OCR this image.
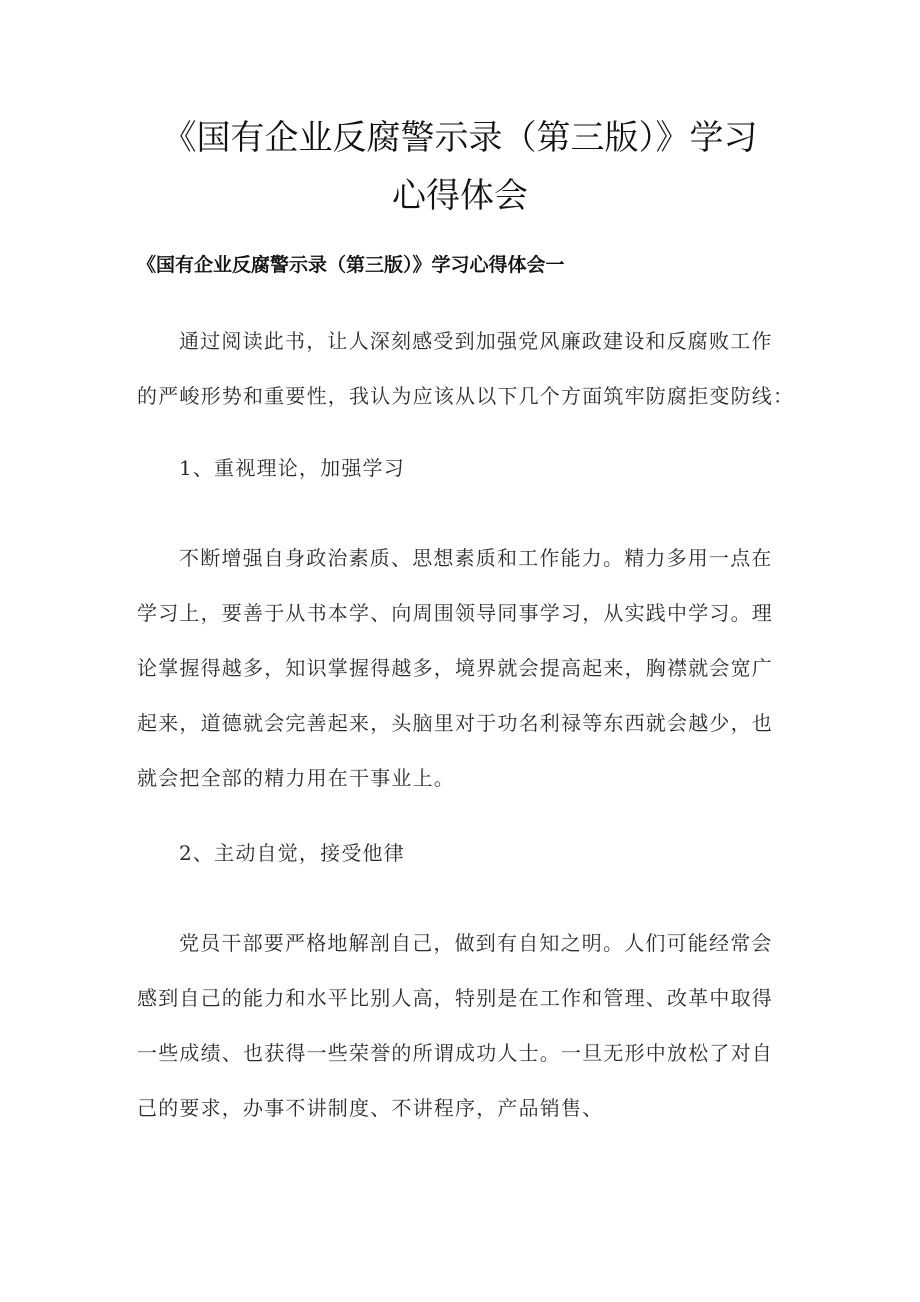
《国有企业反腐警示录（第三版）》学习
心得体会
《国有企业反腐警示录（第三版）》学习心得体会一
通过阅读此书，让人深刻感受到加强党风廉政建设和反腐败工作
的严峻形势和重要性，我认为应该从以下几个方面筑牢防腐拒变防线：
1、重视理论，加强学习
不断增强自身政治素质、思想素质和工作能力。精力多用一点在
学习上，要善于从书本学、向周围领导同事学习，从实践中学习。理
论掌握得越多，知识掌握得越多，境界就会提高起来，胸襟就会宽广
起来，道德就会完善起来，头脑里对于功名利禄等东西就会越少，也
就会把全部的精力用在干事业上。
2、主动自觉，接受他律
党员干部要严格地解剖自己，做到有自知之明。人们可能经常会
感到自己的能力和水平比别人高，特别是在工作和管理、改革中取得
一些成绩、也获得一些荣誉的所谓成功人士。一旦无形中放松了对自
己的要求，办事不讲制度、不讲程序，产品销售、
